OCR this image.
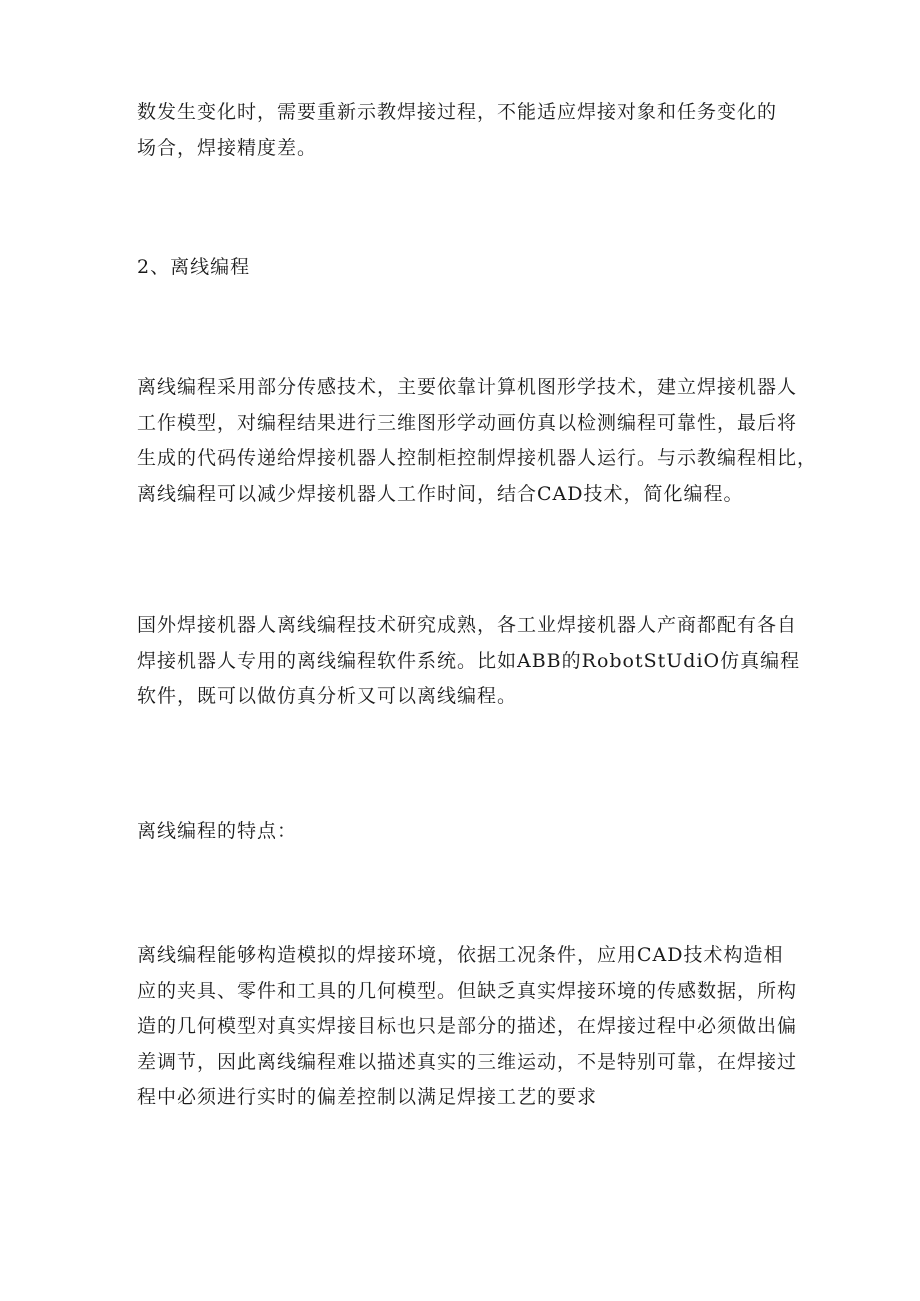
数发生变化时，需要重新示教焊接过程，不能适应焊接对象和任务变化的
场合，焊接精度差。

2、离线编程

离线编程采用部分传感技术，主要依靠计算机图形学技术，建立焊接机器人
工作模型，对编程结果进行三维图形学动画仿真以检测编程可靠性，最后将
生成的代码传递给焊接机器人控制柜控制焊接机器人运行。与示教编程相比，
离线编程可以减少焊接机器人工作时间，结合CAD技术，简化编程。

国外焊接机器人离线编程技术研究成熟，各工业焊接机器人产商都配有各自
焊接机器人专用的离线编程软件系统。比如ABB的RobotStUdiO仿真编程
软件，既可以做仿真分析又可以离线编程。

离线编程的特点：

离线编程能够构造模拟的焊接环境，依据工况条件，应用CAD技术构造相
应的夹具、零件和工具的几何模型。但缺乏真实焊接环境的传感数据，所构
造的几何模型对真实焊接目标也只是部分的描述，在焊接过程中必须做出偏
差调节，因此离线编程难以描述真实的三维运动，不是特别可靠，在焊接过
程中必须进行实时的偏差控制以满足焊接工艺的要求
